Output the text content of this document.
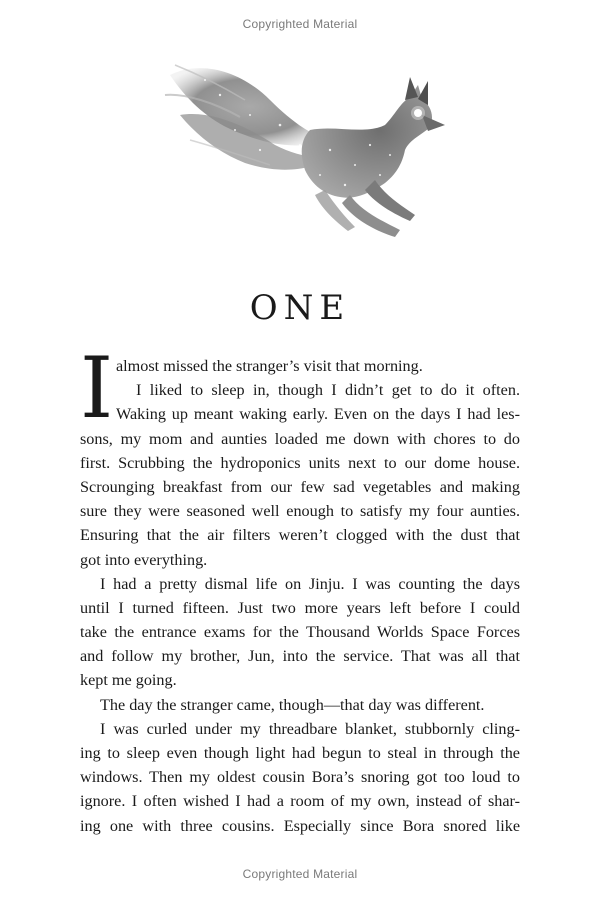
Copyrighted Material
ONE
I almost missed the stranger’s visit that morning.
I liked to sleep in, though I didn’t get to do it often.
Waking up meant waking early. Even on the days I had les-
sons, my mom and aunties loaded me down with chores to do
first. Scrubbing the hydroponics units next to our dome house.
Scrounging breakfast from our few sad vegetables and making
sure they were seasoned well enough to satisfy my four aunties.
Ensuring that the air filters weren’t clogged with the dust that
got into everything.
I had a pretty dismal life on Jinju. I was counting the days
until I turned fifteen. Just two more years left before I could
take the entrance exams for the Thousand Worlds Space Forces
and follow my brother, Jun, into the service. That was all that
kept me going.
The day the stranger came, though—that day was different.
I was curled under my threadbare blanket, stubbornly cling-
ing to sleep even though light had begun to steal in through the
windows. Then my oldest cousin Bora’s snoring got too loud to
ignore. I often wished I had a room of my own, instead of shar-
ing one with three cousins. Especially since Bora snored like
Copyrighted Material
